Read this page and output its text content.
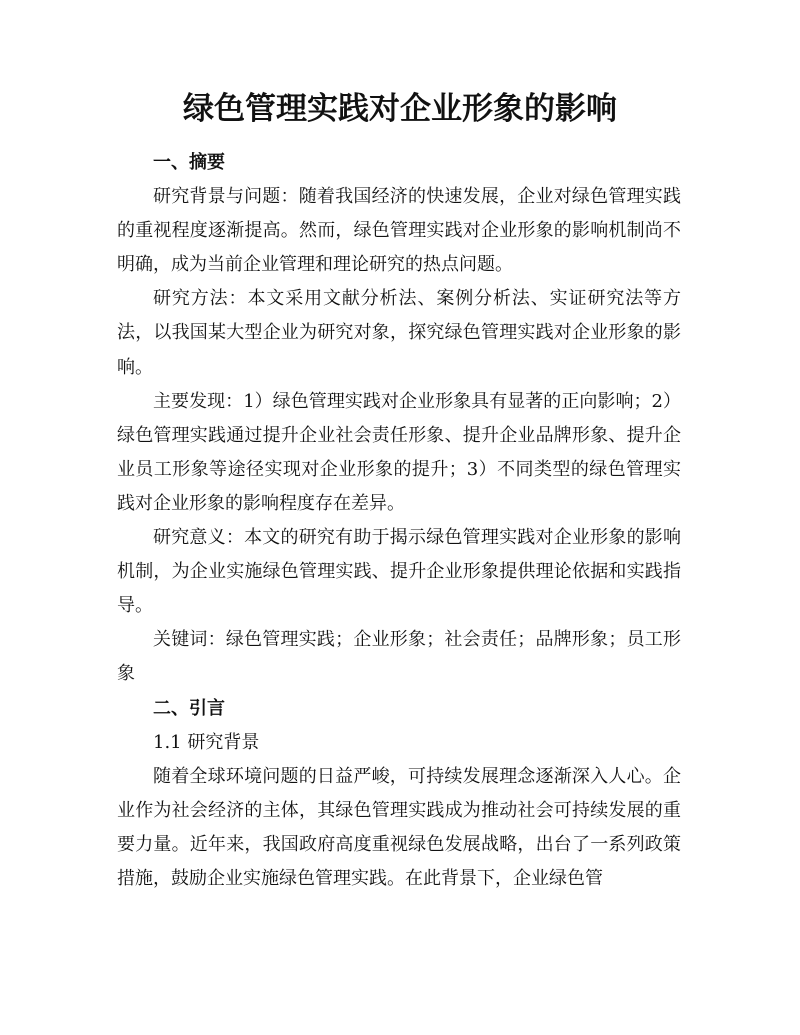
绿色管理实践对企业形象的影响

一、摘要

研究背景与问题：随着我国经济的快速发展，企业对绿色管理实践的重视程度逐渐提高。然而，绿色管理实践对企业形象的影响机制尚不明确，成为当前企业管理和理论研究的热点问题。

研究方法：本文采用文献分析法、案例分析法、实证研究法等方法，以我国某大型企业为研究对象，探究绿色管理实践对企业形象的影响。

主要发现：1）绿色管理实践对企业形象具有显著的正向影响；2）绿色管理实践通过提升企业社会责任形象、提升企业品牌形象、提升企业员工形象等途径实现对企业形象的提升；3）不同类型的绿色管理实践对企业形象的影响程度存在差异。

研究意义：本文的研究有助于揭示绿色管理实践对企业形象的影响机制，为企业实施绿色管理实践、提升企业形象提供理论依据和实践指导。

关键词：绿色管理实践；企业形象；社会责任；品牌形象；员工形象

二、引言

1.1 研究背景

随着全球环境问题的日益严峻，可持续发展理念逐渐深入人心。企业作为社会经济的主体，其绿色管理实践成为推动社会可持续发展的重要力量。近年来，我国政府高度重视绿色发展战略，出台了一系列政策措施，鼓励企业实施绿色管理实践。在此背景下，企业绿色管
